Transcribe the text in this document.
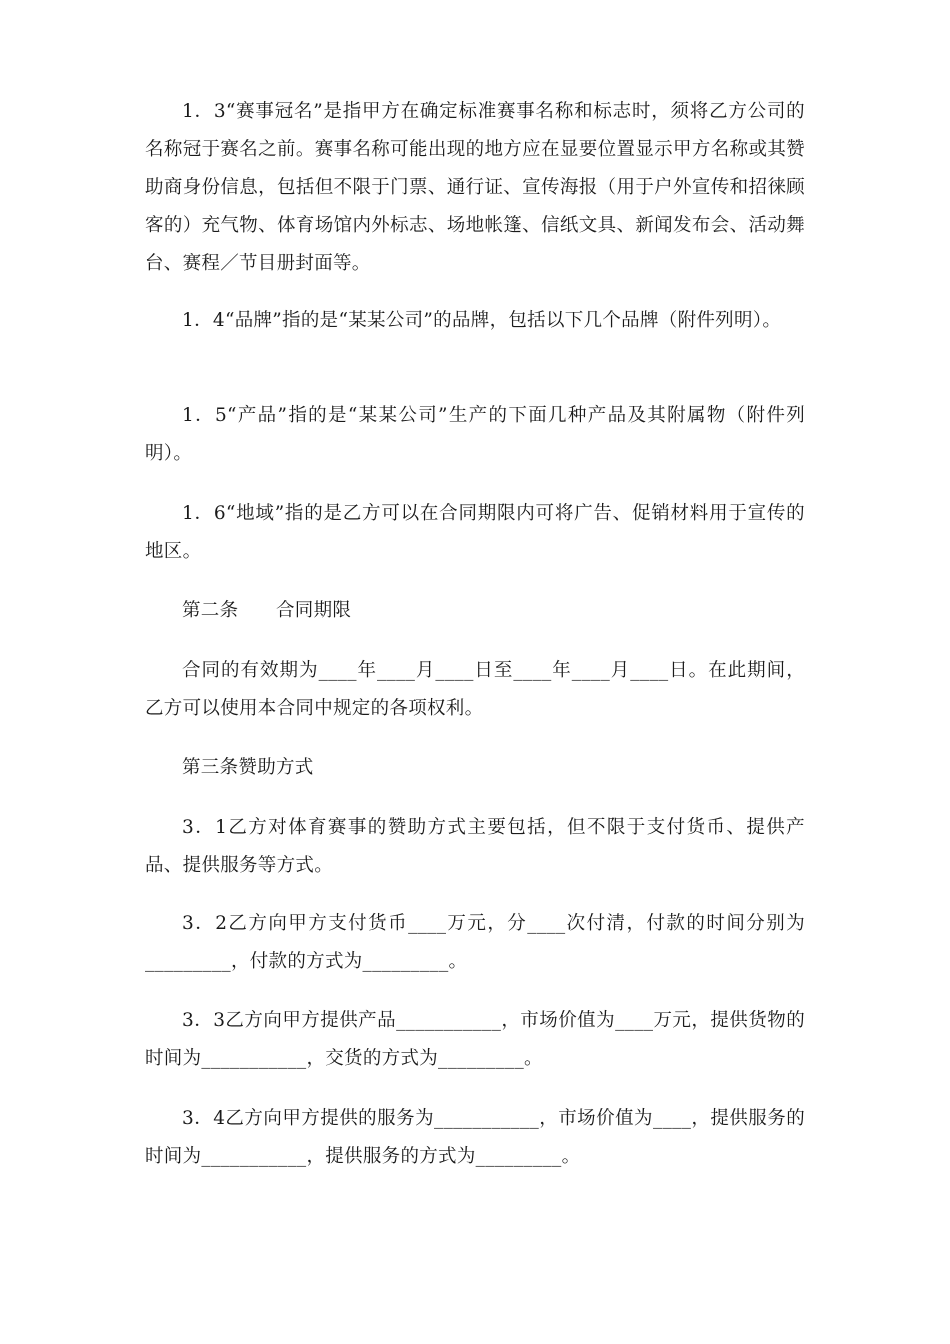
1．3“赛事冠名”是指甲方在确定标准赛事名称和标志时，须将乙方公司的名称冠于赛名之前。赛事名称可能出现的地方应在显要位置显示甲方名称或其赞助商身份信息，包括但不限于门票、通行证、宣传海报（用于户外宣传和招徕顾客的）充气物、体育场馆内外标志、场地帐篷、信纸文具、新闻发布会、活动舞台、赛程／节目册封面等。

1．4“品牌”指的是“某某公司”的品牌，包括以下几个品牌（附件列明）。

1．5“产品”指的是“某某公司”生产的下面几种产品及其附属物（附件列明）。

1．6“地域”指的是乙方可以在合同期限内可将广告、促销材料用于宣传的地区。

第二条　　合同期限

合同的有效期为____年____月____日至____年____月____日。在此期间，乙方可以使用本合同中规定的各项权利。

第三条赞助方式

3．1乙方对体育赛事的赞助方式主要包括，但不限于支付货币、提供产品、提供服务等方式。

3．2乙方向甲方支付货币____万元，分____次付清，付款的时间分别为_________，付款的方式为_________。

3．3乙方向甲方提供产品___________，市场价值为____万元，提供货物的时间为___________，交货的方式为_________。

3．4乙方向甲方提供的服务为___________，市场价值为____，提供服务的时间为___________，提供服务的方式为_________。
